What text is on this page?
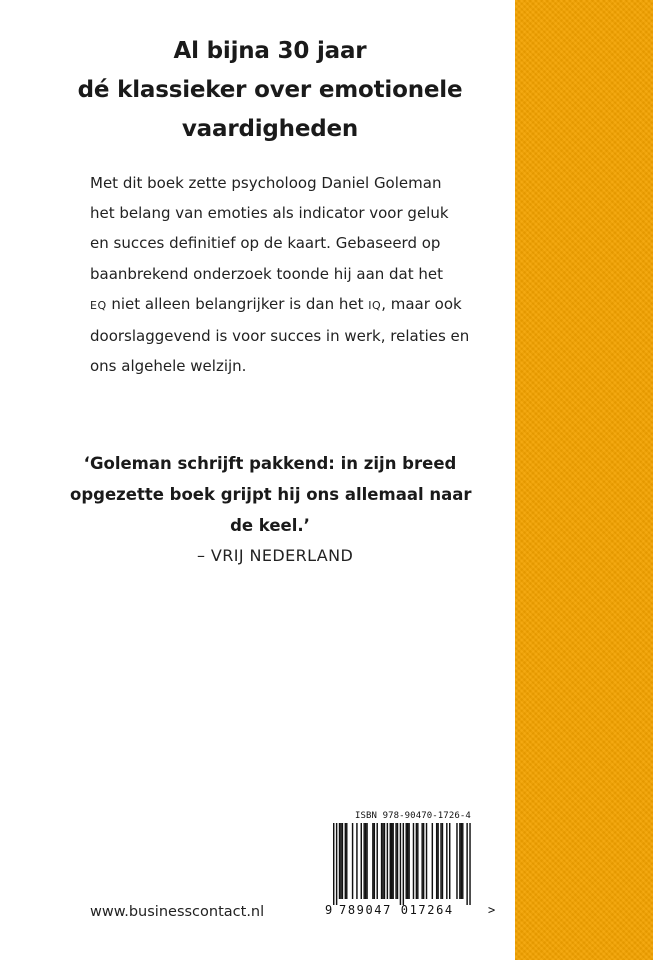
Al bijna 30 jaar
dé klassieker over emotionele
vaardigheden

Met dit boek zette psycholoog Daniel Goleman
het belang van emoties als indicator voor geluk
en succes definitief op de kaart. Gebaseerd op
baanbrekend onderzoek toonde hij aan dat het
EQ niet alleen belangrijker is dan het IQ, maar ook
doorslaggevend is voor succes in werk, relaties en
ons algehele welzijn.

‘Goleman schrijft pakkend: in zijn breed
opgezette boek grijpt hij ons allemaal naar
de keel.’

– VRIJ NEDERLAND
www.businesscontact.nl
ISBN 978-90470-1726-4
9 789047 017264	>
